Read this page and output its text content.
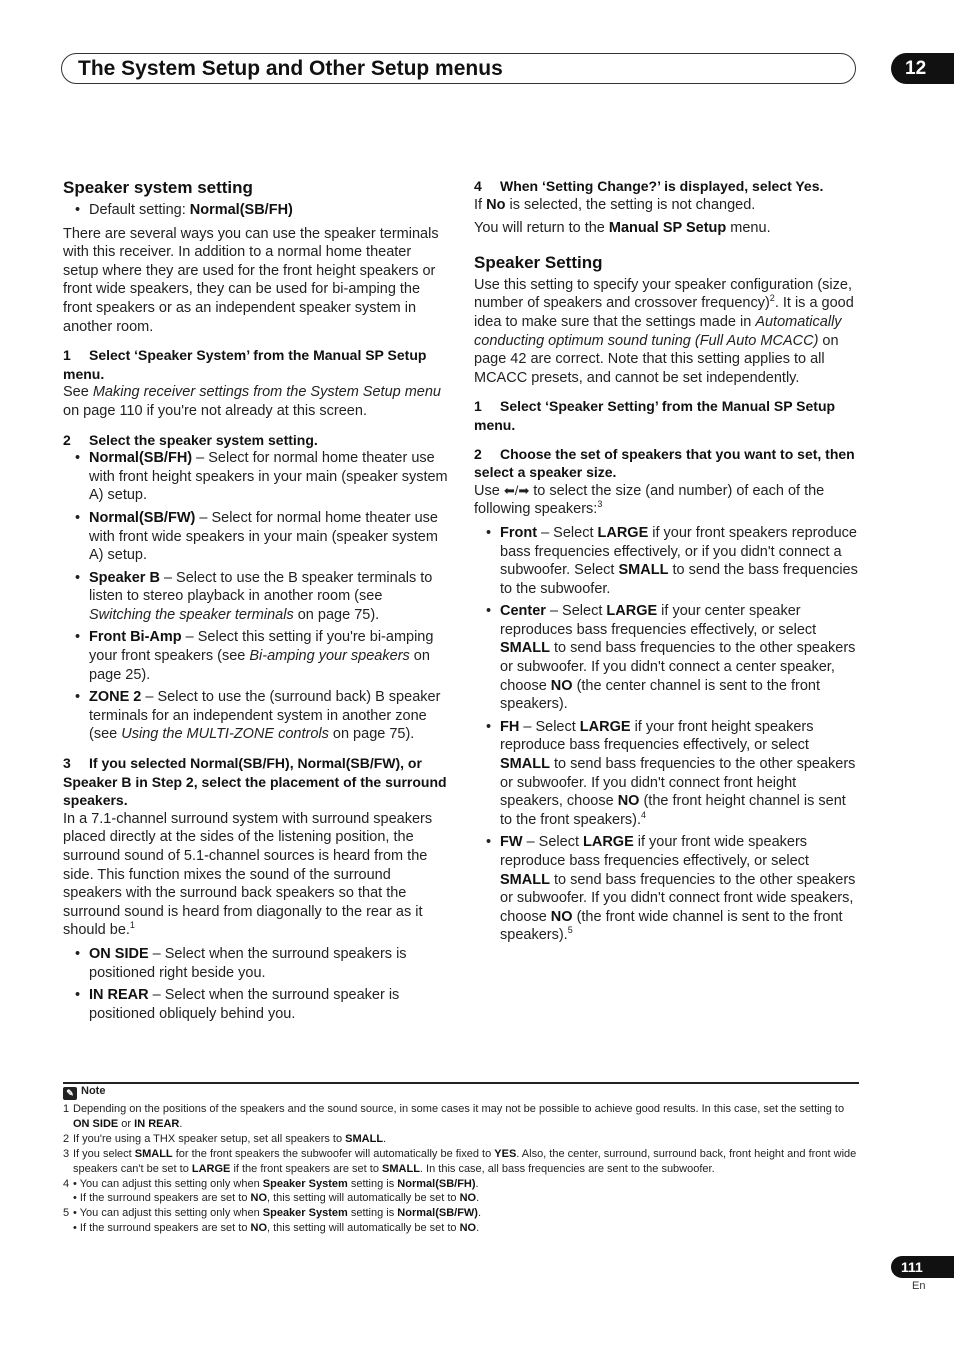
The System Setup and Other Setup menus	12
Speaker system setting
• Default setting: Normal(SB/FH)

There are several ways you can use the speaker terminals with this receiver. In addition to a normal home theater setup where they are used for the front height speakers or front wide speakers, they can be used for bi-amping the front speakers or as an independent speaker system in another room.

1 Select ‘Speaker System’ from the Manual SP Setup menu.

See Making receiver settings from the System Setup menu on page 110 if you're not already at this screen.

2 Select the speaker system setting.
• Normal(SB/FH) – Select for normal home theater use with front height speakers in your main (speaker system A) setup.
• Normal(SB/FW) – Select for normal home theater use with front wide speakers in your main (speaker system A) setup.
• Speaker B – Select to use the B speaker terminals to listen to stereo playback in another room (see Switching the speaker terminals on page 75).
• Front Bi-Amp – Select this setting if you're bi-amping your front speakers (see Bi-amping your speakers on page 25).
• ZONE 2 – Select to use the (surround back) B speaker terminals for an independent system in another zone (see Using the MULTI-ZONE controls on page 75).
3 If you selected Normal(SB/FH), Normal(SB/FW), or Speaker B in Step 2, select the placement of the surround speakers.

In a 7.1-channel surround system with surround speakers placed directly at the sides of the listening position, the surround sound of 5.1-channel sources is heard from the side. This function mixes the sound of the surround speakers with the surround back speakers so that the surround sound is heard from diagonally to the rear as it should be.$^1$

• ON SIDE – Select when the surround speakers is positioned right beside you.
• IN REAR – Select when the surround speaker is positioned obliquely behind you.
4 When ‘Setting Change?’ is displayed, select Yes.

If No is selected, the setting is not changed.

You will return to the Manual SP Setup menu.

Speaker Setting

Use this setting to specify your speaker configuration (size, number of speakers and crossover frequency)$^2$. It is a good idea to make sure that the settings made in Automatically conducting optimum sound tuning (Full Auto MCACC) on page 42 are correct. Note that this setting applies to all MCACC presets, and cannot be set independently.

1 Select ‘Speaker Setting’ from the Manual SP Setup menu.
2 Choose the set of speakers that you want to set, then select a speaker size.

Use ⬅/➡ to select the size (and number) of each of the following speakers:$^3$

• Front – Select LARGE if your front speakers reproduce bass frequencies effectively, or if you didn't connect a subwoofer. Select SMALL to send the bass frequencies to the subwoofer.
• Center – Select LARGE if your center speaker reproduces bass frequencies effectively, or select SMALL to send bass frequencies to the other speakers or subwoofer. If you didn't connect a center speaker, choose NO (the center channel is sent to the front speakers).
• FH – Select LARGE if your front height speakers reproduce bass frequencies effectively, or select SMALL to send bass frequencies to the other speakers or subwoofer. If you didn't connect front height speakers, choose NO (the front height channel is sent to the front speakers).$^4$
• FW – Select LARGE if your front wide speakers reproduce bass frequencies effectively, or select SMALL to send bass frequencies to the other speakers or subwoofer. If you didn't connect front wide speakers, choose NO (the front wide channel is sent to the front speakers).$^5$
✎ Note
1 Depending on the positions of the speakers and the sound source, in some cases it may not be possible to achieve good results. In this case, set the setting to ON SIDE or IN REAR.
2 If you're using a THX speaker setup, set all speakers to SMALL.
3 If you select SMALL for the front speakers the subwoofer will automatically be fixed to YES. Also, the center, surround, surround back, front height and front wide speakers can't be set to LARGE if the front speakers are set to SMALL. In this case, all bass frequencies are sent to the subwoofer.
4 • You can adjust this setting only when Speaker System setting is Normal(SB/FH).
• If the surround speakers are set to NO, this setting will automatically be set to NO.
5 • You can adjust this setting only when Speaker System setting is Normal(SB/FW).
• If the surround speakers are set to NO, this setting will automatically be set to NO.
111
En
